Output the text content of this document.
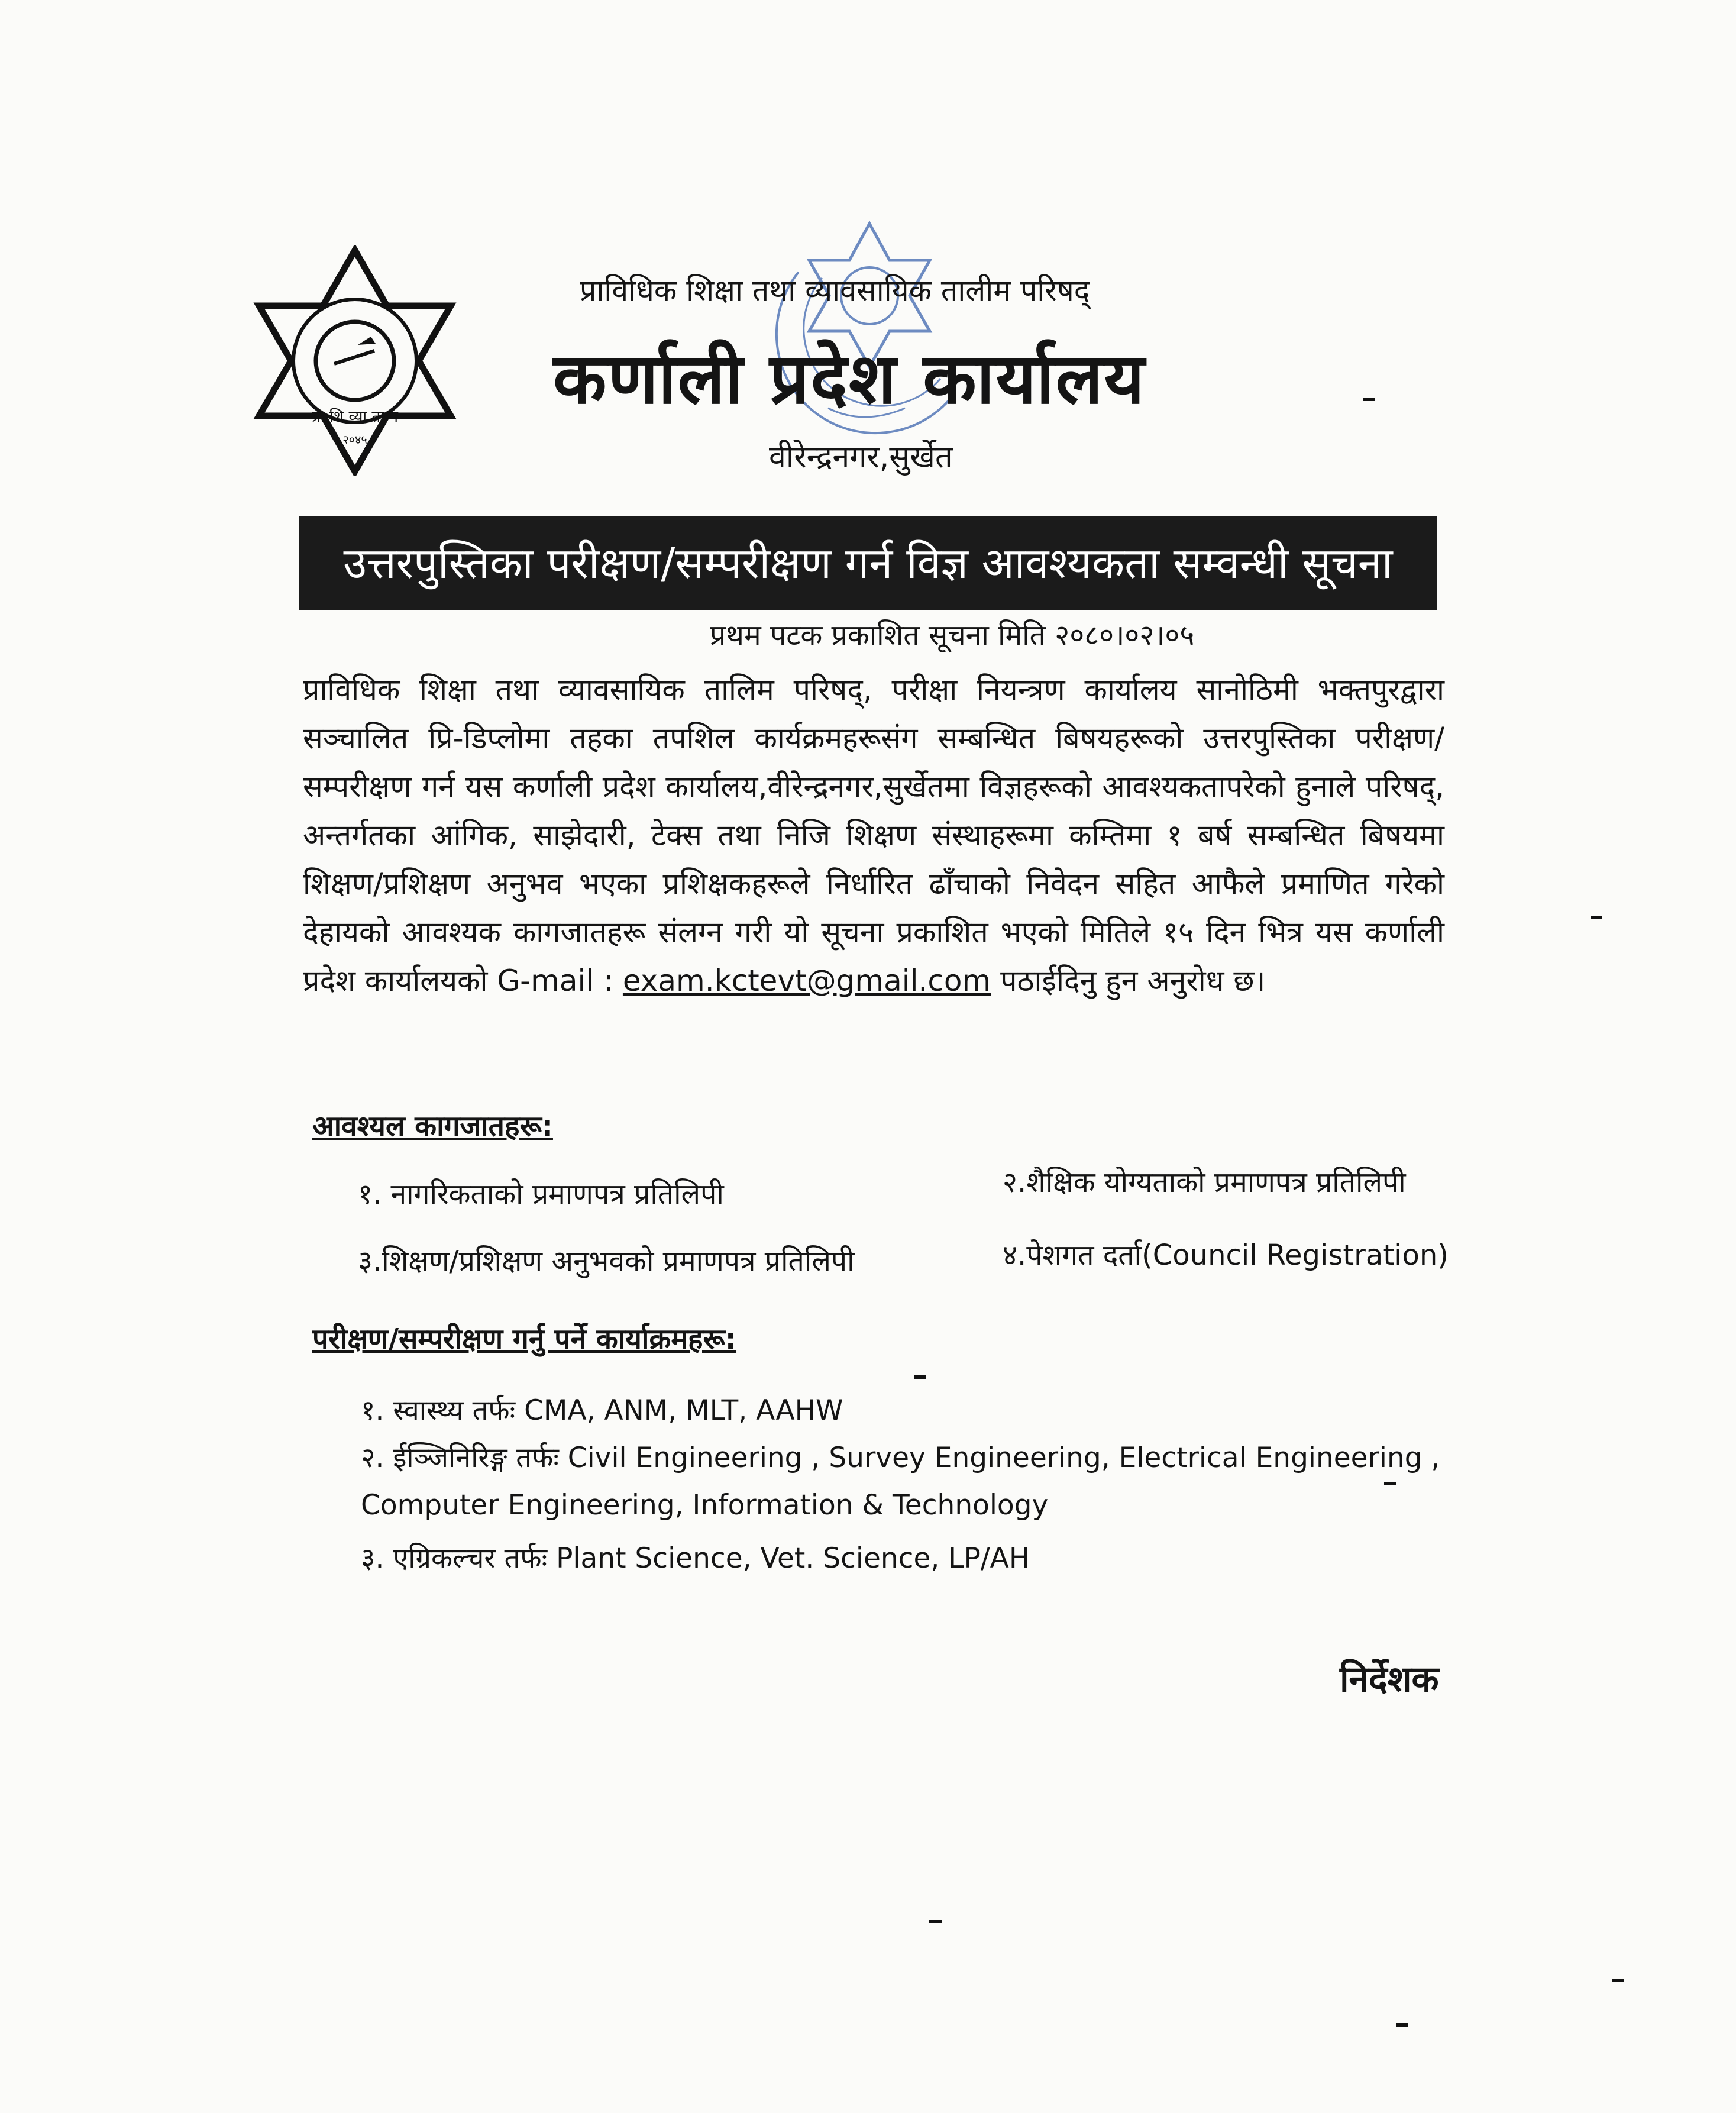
प्रा शि व्या ता प
२०४५
प्राविधिक शिक्षा तथा व्यावसायिक तालीम परिषद्
कर्णाली प्रदेश कार्यालय
वीरेन्द्रनगर,सुर्खेत
उत्तरपुस्तिका परीक्षण/सम्परीक्षण गर्न विज्ञ आवश्यकता सम्वन्धी सूचना
प्रथम पटक प्रकाशित सूचना मिति २०८०।०२।०५
प्राविधिक शिक्षा तथा व्यावसायिक तालिम परिषद्, परीक्षा नियन्त्रण कार्यालय सानोठिमी भक्तपुरद्वारा सञ्चालित प्रि-डिप्लोमा तहका तपशिल कार्यक्रमहरूसंग सम्बन्धित बिषयहरूको उत्तरपुस्तिका परीक्षण/सम्परीक्षण गर्न यस कर्णाली प्रदेश कार्यालय,वीरेन्द्रनगर,सुर्खेतमा विज्ञहरूको आवश्यकतापरेको हुनाले परिषद्, अन्तर्गतका आंगिक, साझेदारी, टेक्स तथा निजि शिक्षण संस्थाहरूमा कम्तिमा १ बर्ष सम्बन्धित बिषयमा शिक्षण/प्रशिक्षण अनुभव भएका प्रशिक्षकहरूले निर्धारित ढाँचाको निवेदन सहित आफैले प्रमाणित गरेको देहायको आवश्यक कागजातहरू संलग्न गरी यो सूचना प्रकाशित भएको मितिले १५ दिन भित्र यस कर्णाली प्रदेश कार्यालयको G-mail : exam.kctevt@gmail.com पठाईदिनु हुन अनुरोध छ।
आवश्यल कागजातहरू:
१. नागरिकताको प्रमाणपत्र प्रतिलिपी	२.शैक्षिक योग्यताको प्रमाणपत्र प्रतिलिपी
३.शिक्षण/प्रशिक्षण अनुभवको प्रमाणपत्र प्रतिलिपी	४.पेशगत दर्ता(Council Registration)
परीक्षण/सम्परीक्षण गर्नु पर्ने कार्याक्रमहरू:
१. स्वास्थ्य तर्फः CMA, ANM, MLT, AAHW
२. ईञ्जिनिरिङ्ग तर्फः Civil Engineering , Survey Engineering, Electrical Engineering , Computer Engineering, Information & Technology
३. एग्रिकल्चर तर्फः Plant Science, Vet. Science, LP/AH
निर्देशक
